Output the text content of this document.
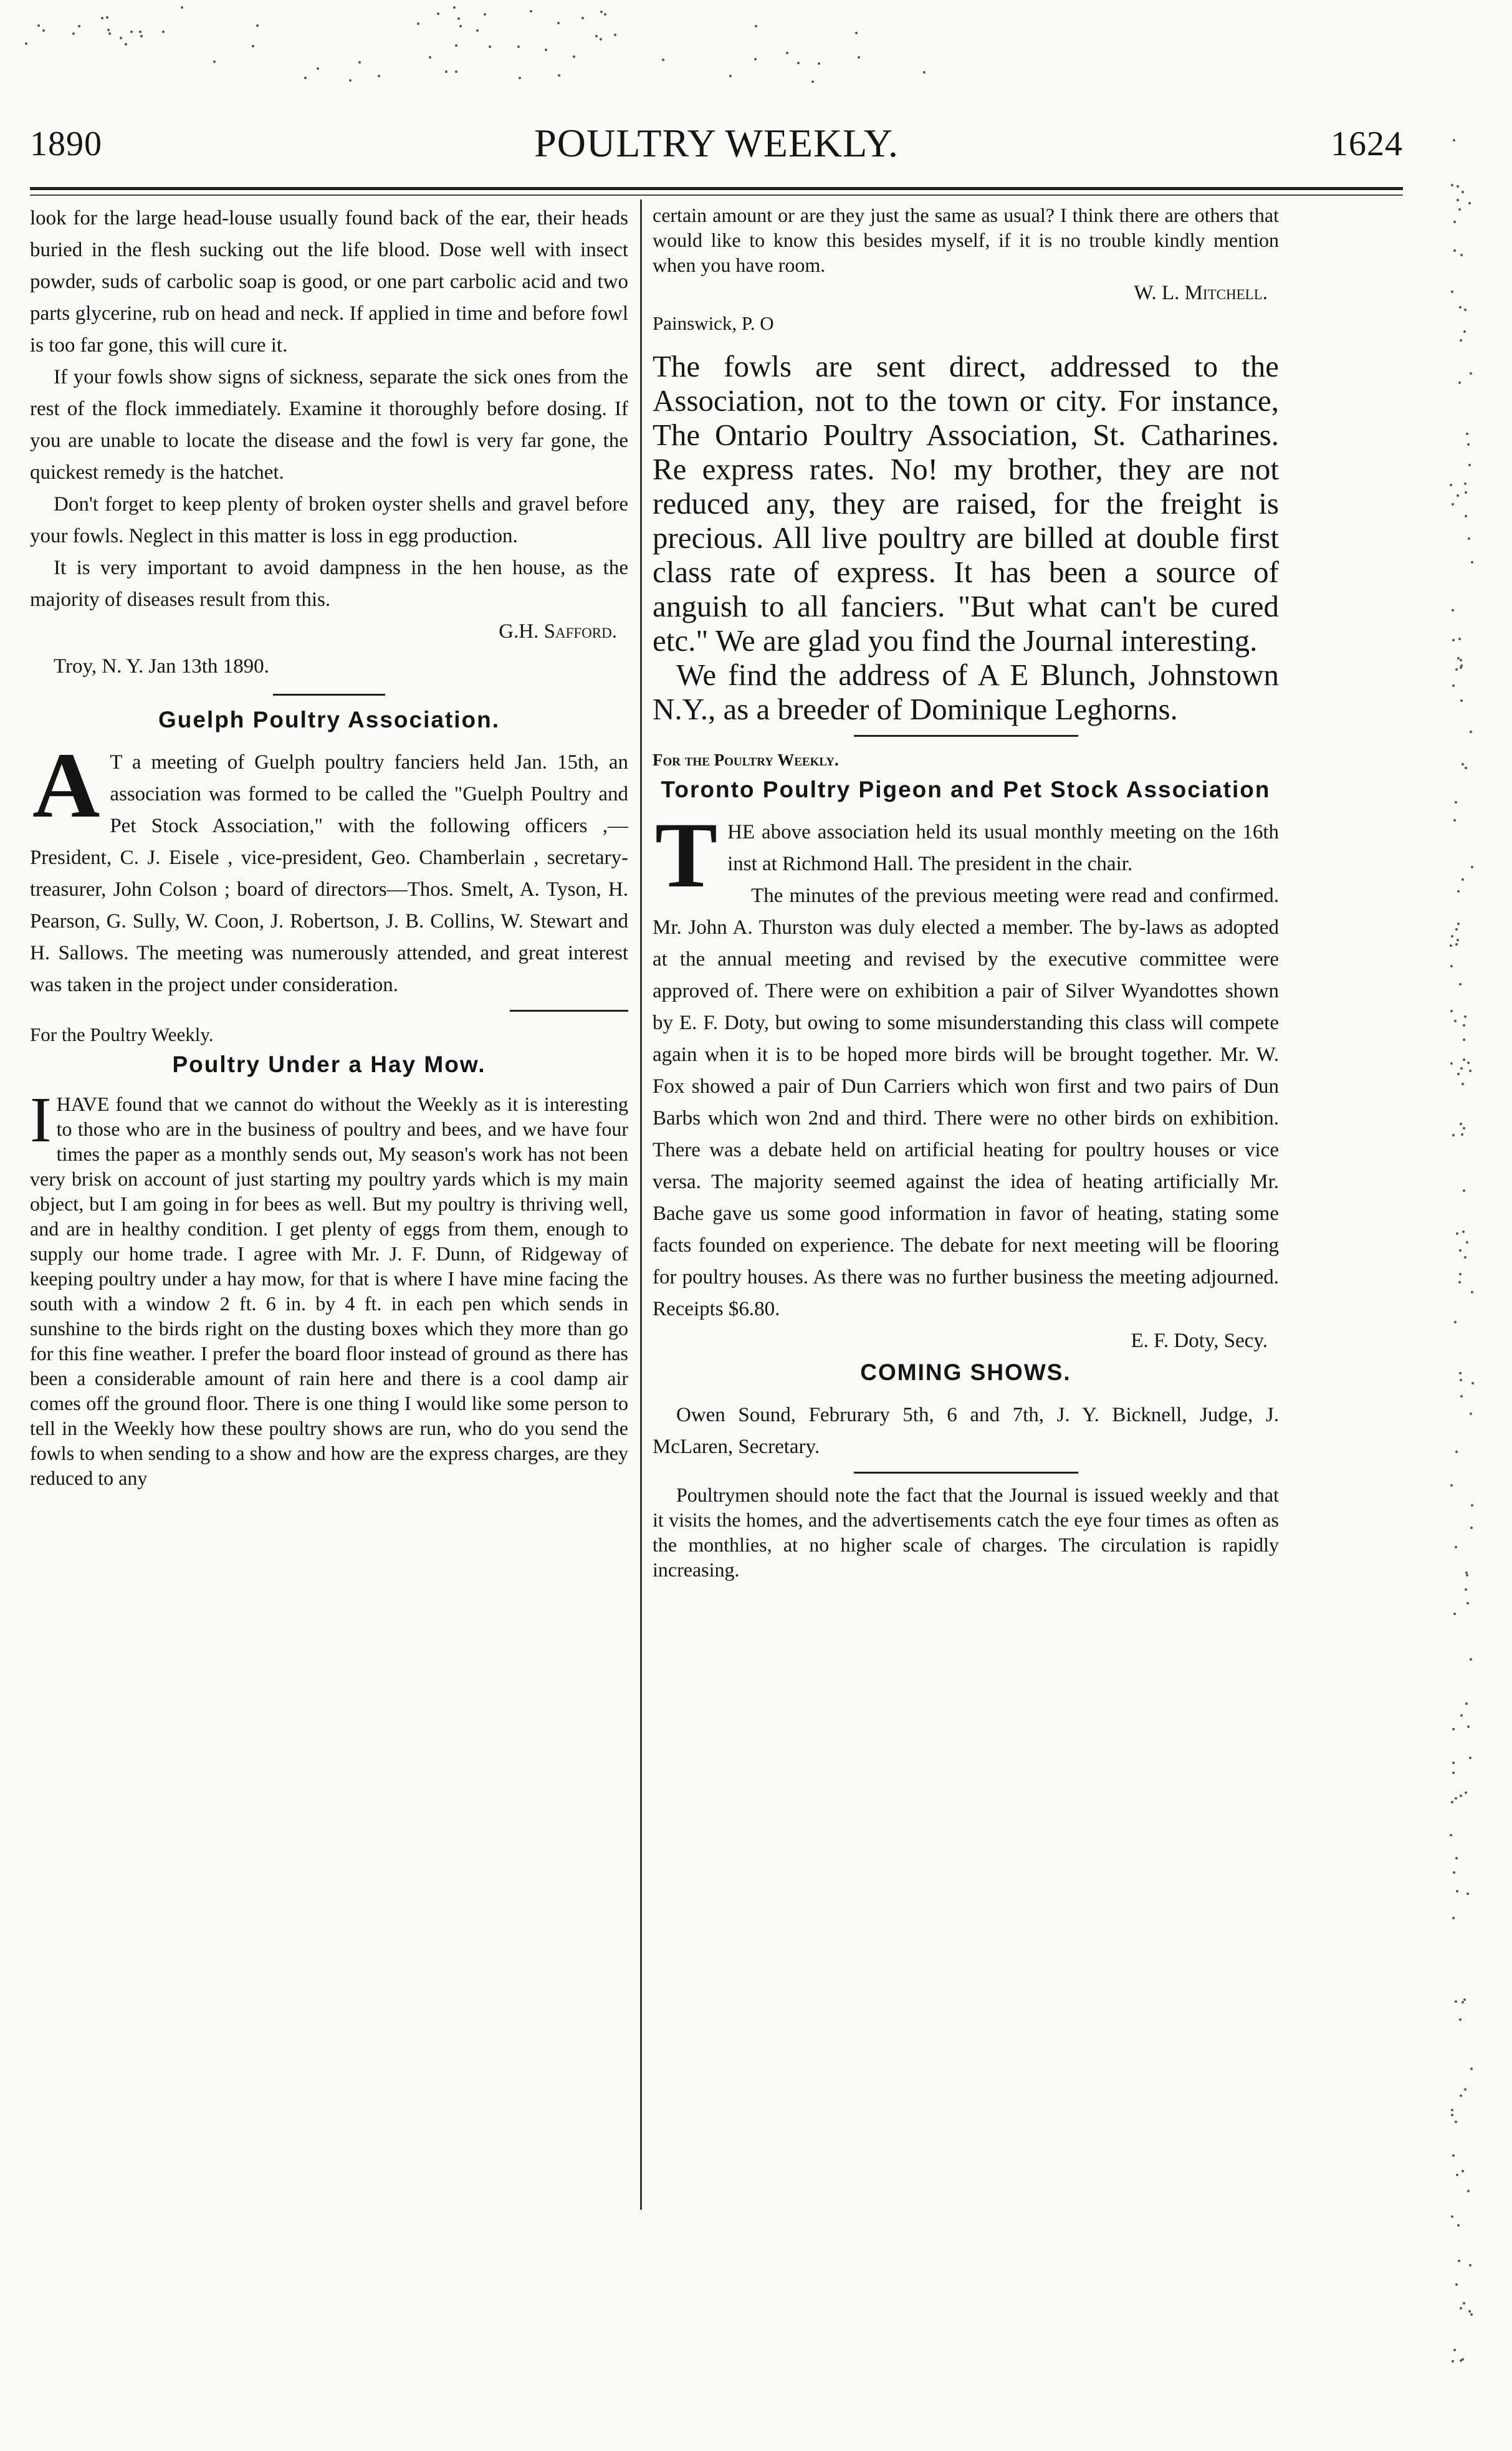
1890	POULTRY WEEKLY.	1624

look for the large head-louse usually found back of the ear, their heads buried in the flesh sucking out the life blood. Dose well with insect powder, suds of carbolic soap is good, or one part carbolic acid and two parts glycerine, rub on head and neck. If applied in time and before fowl is too far gone, this will cure it.

If your fowls show signs of sickness, separate the sick ones from the rest of the flock immediately. Examine it thoroughly before dosing. If you are unable to locate the disease and the fowl is very far gone, the quickest remedy is the hatchet.

Don't forget to keep plenty of broken oyster shells and gravel before your fowls. Neglect in this matter is loss in egg production.

It is very important to avoid dampness in the hen house, as the majority of diseases result from this.

G.H. Safford.
Troy, N. Y. Jan 13th 1890.
Guelph Poultry Association.
A T a meeting of Guelph poultry fanciers held Jan. 15th, an association was formed to be called the "Guelph Poultry and Pet Stock Association," with the following officers ,—President, C. J. Eisele , vice-president, Geo. Chamberlain , secretary-treasurer, John Colson ; board of directors—Thos. Smelt, A. Tyson, H. Pearson, G. Sully, W. Coon, J. Robertson, J. B. Collins, W. Stewart and H. Sallows. The meeting was numerously attended, and great interest was taken in the project under consideration.

For the Poultry Weekly.
Poultry Under a Hay Mow.
I HAVE found that we cannot do without the Weekly as it is interesting to those who are in the business of poultry and bees, and we have four times the paper as a monthly sends out, My season's work has not been very brisk on account of just starting my poultry yards which is my main object, but I am going in for bees as well. But my poultry is thriving well, and are in healthy condition. I get plenty of eggs from them, enough to supply our home trade. I agree with Mr. J. F. Dunn, of Ridgeway of keeping poultry under a hay mow, for that is where I have mine facing the south with a window 2 ft. 6 in. by 4 ft. in each pen which sends in sunshine to the birds right on the dusting boxes which they more than go for this fine weather. I prefer the board floor instead of ground as there has been a considerable amount of rain here and there is a cool damp air comes off the ground floor. There is one thing I would like some person to tell in the Weekly how these poultry shows are run, who do you send the fowls to when sending to a show and how are the express charges, are they reduced to any

certain amount or are they just the same as usual? I think there are others that would like to know this besides myself, if it is no trouble kindly mention when you have room.

W. L. Mitchell.
Painswick, P. O

The fowls are sent direct, addressed to the Association, not to the town or city. For instance, The Ontario Poultry Association, St. Catharines. Re express rates. No! my brother, they are not reduced any, they are raised, for the freight is precious. All live poultry are billed at double first class rate of express. It has been a source of anguish to all fanciers. "But what can't be cured etc." We are glad you find the Journal interesting.

We find the address of A E Blunch, Johnstown N.Y., as a breeder of Dominique Leghorns.

For the Poultry Weekly.
Toronto Poultry Pigeon and Pet Stock Association
T HE above association held its usual monthly meeting on the 16th inst at Richmond Hall. The president in the chair.

The minutes of the previous meeting were read and confirmed. Mr. John A. Thurston was duly elected a member. The by-laws as adopted at the annual meeting and revised by the executive committee were approved of. There were on exhibition a pair of Silver Wyandottes shown by E. F. Doty, but owing to some misunderstanding this class will compete again when it is to be hoped more birds will be brought together. Mr. W. Fox showed a pair of Dun Carriers which won first and two pairs of Dun Barbs which won 2nd and third. There were no other birds on exhibition. There was a debate held on artificial heating for poultry houses or vice versa. The majority seemed against the idea of heating artificially Mr. Bache gave us some good information in favor of heating, stating some facts founded on experience. The debate for next meeting will be flooring for poultry houses. As there was no further business the meeting adjourned. Receipts $6.80.

E. F. Doty, Secy.
COMING SHOWS.

Owen Sound, Februrary 5th, 6 and 7th, J. Y. Bicknell, Judge, J. McLaren, Secretary.

Poultrymen should note the fact that the Journal is issued weekly and that it visits the homes, and the advertisements catch the eye four times as often as the monthlies, at no higher scale of charges. The circulation is rapidly increasing.
